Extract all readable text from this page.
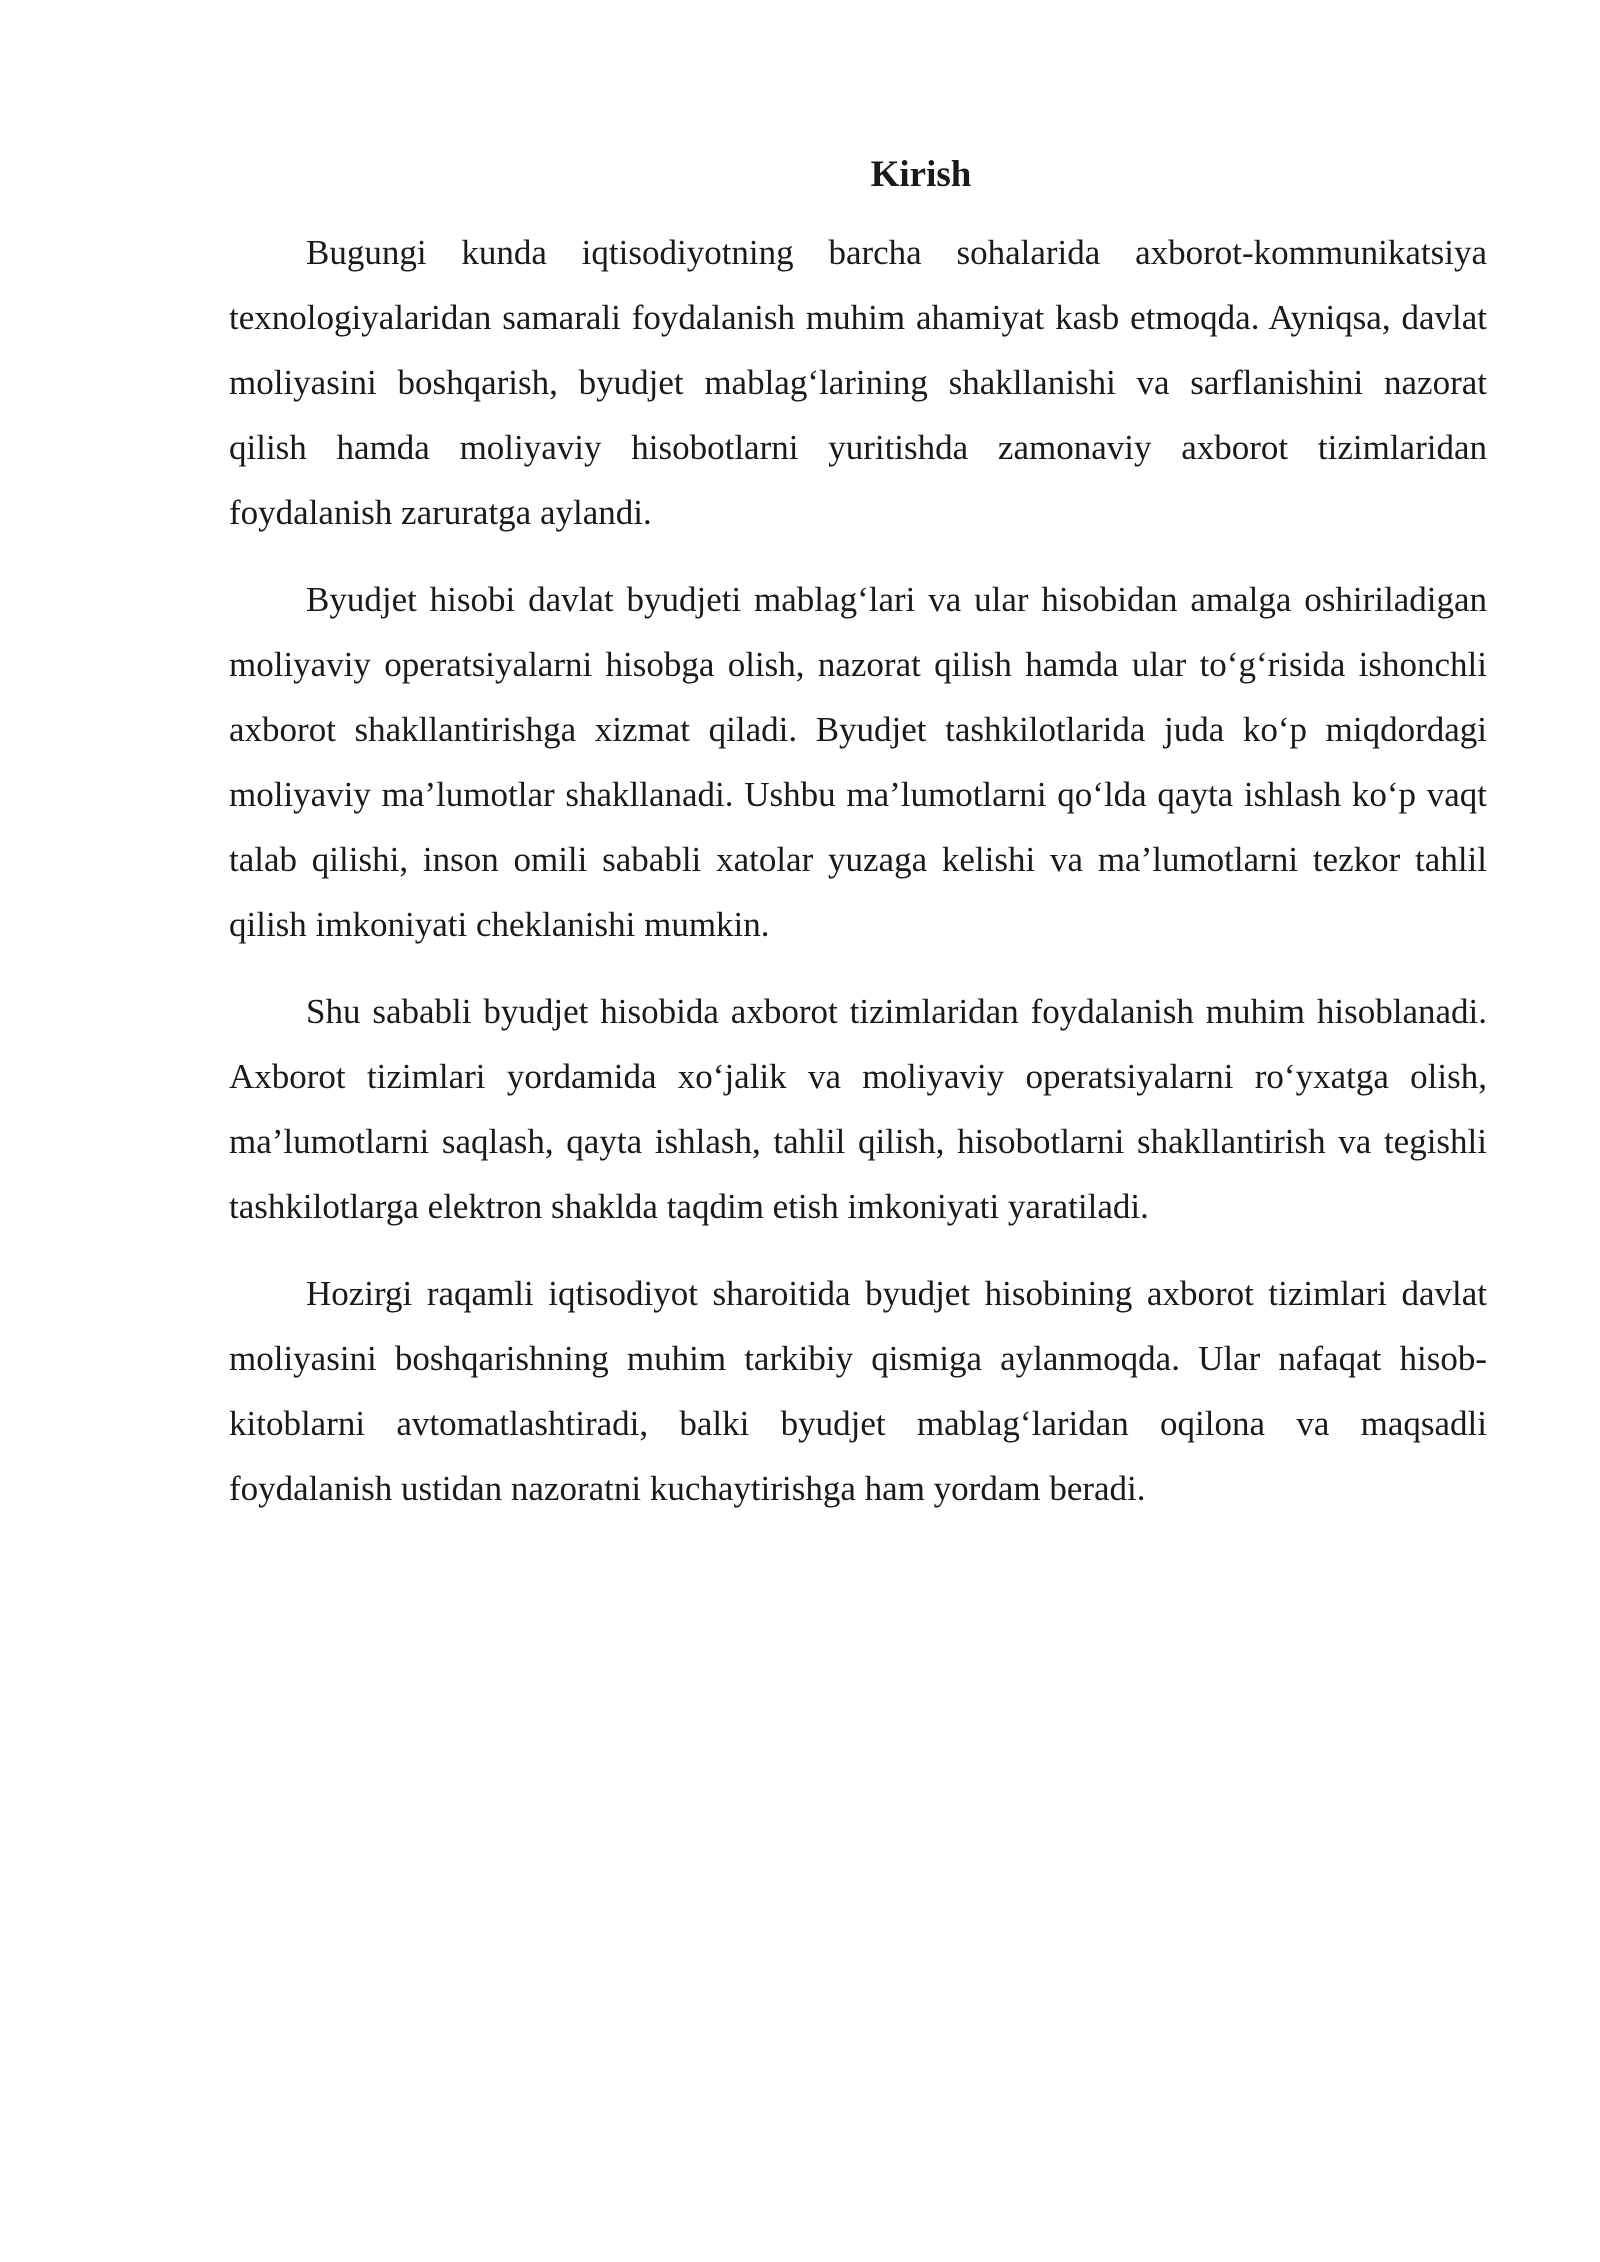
Kirish

Bugungi kunda iqtisodiyotning barcha sohalarida axborot-kommunikatsiya texnologiyalaridan samarali foydalanish muhim ahamiyat kasb etmoqda. Ayniqsa, davlat moliyasini boshqarish, byudjet mablag‘larining shakllanishi va sarflanishini nazorat qilish hamda moliyaviy hisobotlarni yuritishda zamonaviy axborot tizimlaridan foydalanish zaruratga aylandi.

Byudjet hisobi davlat byudjeti mablag‘lari va ular hisobidan amalga oshiriladigan moliyaviy operatsiyalarni hisobga olish, nazorat qilish hamda ular to‘g‘risida ishonchli axborot shakllantirishga xizmat qiladi. Byudjet tashkilotlarida juda ko‘p miqdordagi moliyaviy ma’lumotlar shakllanadi. Ushbu ma’lumotlarni qo‘lda qayta ishlash ko‘p vaqt talab qilishi, inson omili sababli xatolar yuzaga kelishi va ma’lumotlarni tezkor tahlil qilish imkoniyati cheklanishi mumkin.

Shu sababli byudjet hisobida axborot tizimlaridan foydalanish muhim hisoblanadi. Axborot tizimlari yordamida xo‘jalik va moliyaviy operatsiyalarni ro‘yxatga olish, ma’lumotlarni saqlash, qayta ishlash, tahlil qilish, hisobotlarni shakllantirish va tegishli tashkilotlarga elektron shaklda taqdim etish imkoniyati yaratiladi.

Hozirgi raqamli iqtisodiyot sharoitida byudjet hisobining axborot tizimlari davlat moliyasini boshqarishning muhim tarkibiy qismiga aylanmoqda. Ular nafaqat hisob-kitoblarni avtomatlashtiradi, balki byudjet mablag‘laridan oqilona va maqsadli foydalanish ustidan nazoratni kuchaytirishga ham yordam beradi.
